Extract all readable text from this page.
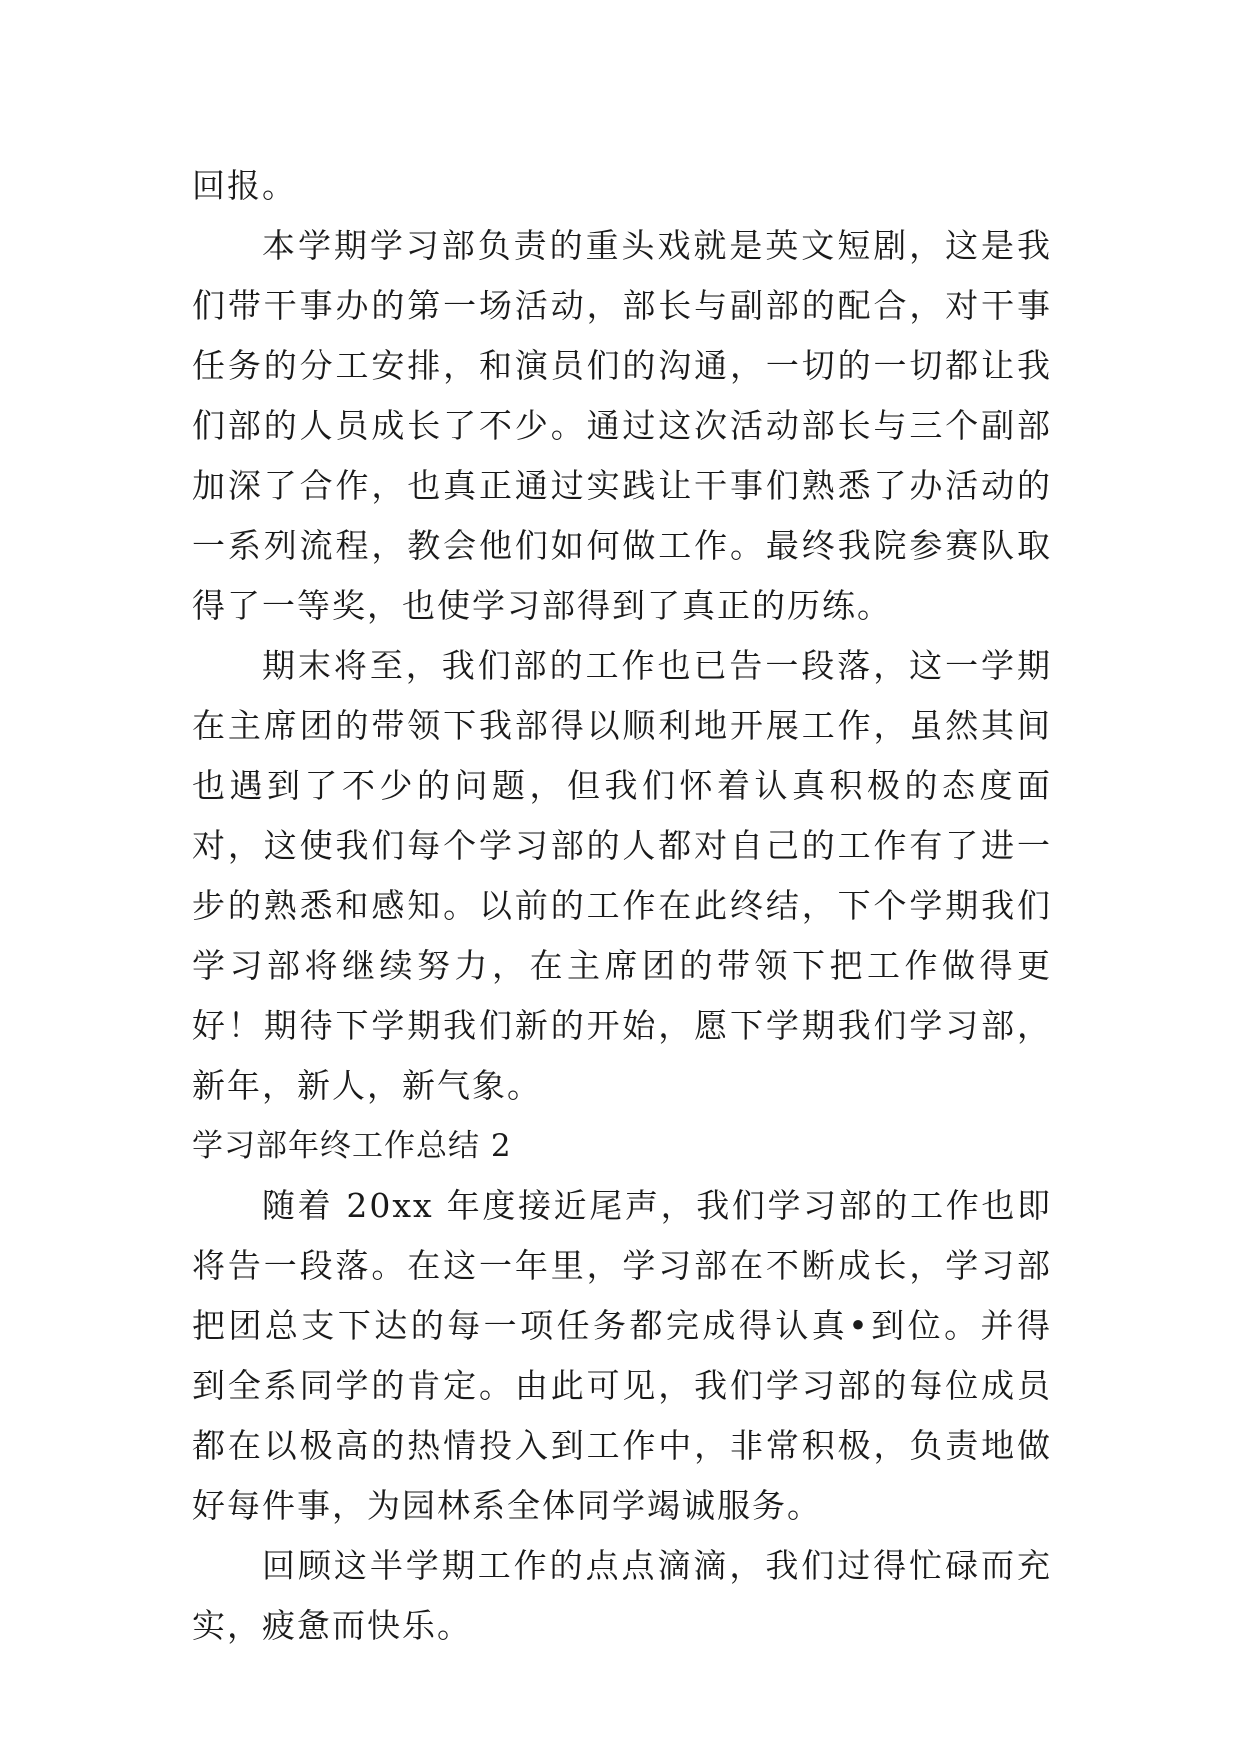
回报。

本学期学习部负责的重头戏就是英文短剧，这是我们带干事办的第一场活动，部长与副部的配合，对干事任务的分工安排，和演员们的沟通，一切的一切都让我们部的人员成长了不少。通过这次活动部长与三个副部加深了合作，也真正通过实践让干事们熟悉了办活动的一系列流程，教会他们如何做工作。最终我院参赛队取得了一等奖，也使学习部得到了真正的历练。

期末将至，我们部的工作也已告一段落，这一学期在主席团的带领下我部得以顺利地开展工作，虽然其间也遇到了不少的问题，但我们怀着认真积极的态度面对，这使我们每个学习部的人都对自己的工作有了进一步的熟悉和感知。以前的工作在此终结，下个学期我们学习部将继续努力，在主席团的带领下把工作做得更好！期待下学期我们新的开始，愿下学期我们学习部，新年，新人，新气象。

学习部年终工作总结 2

随着 20xx 年度接近尾声，我们学习部的工作也即将告一段落。在这一年里，学习部在不断成长，学习部把团总支下达的每一项任务都完成得认真•到位。并得到全系同学的肯定。由此可见，我们学习部的每位成员都在以极高的热情投入到工作中，非常积极，负责地做好每件事，为园林系全体同学竭诚服务。

回顾这半学期工作的点点滴滴，我们过得忙碌而充实，疲惫而快乐。
